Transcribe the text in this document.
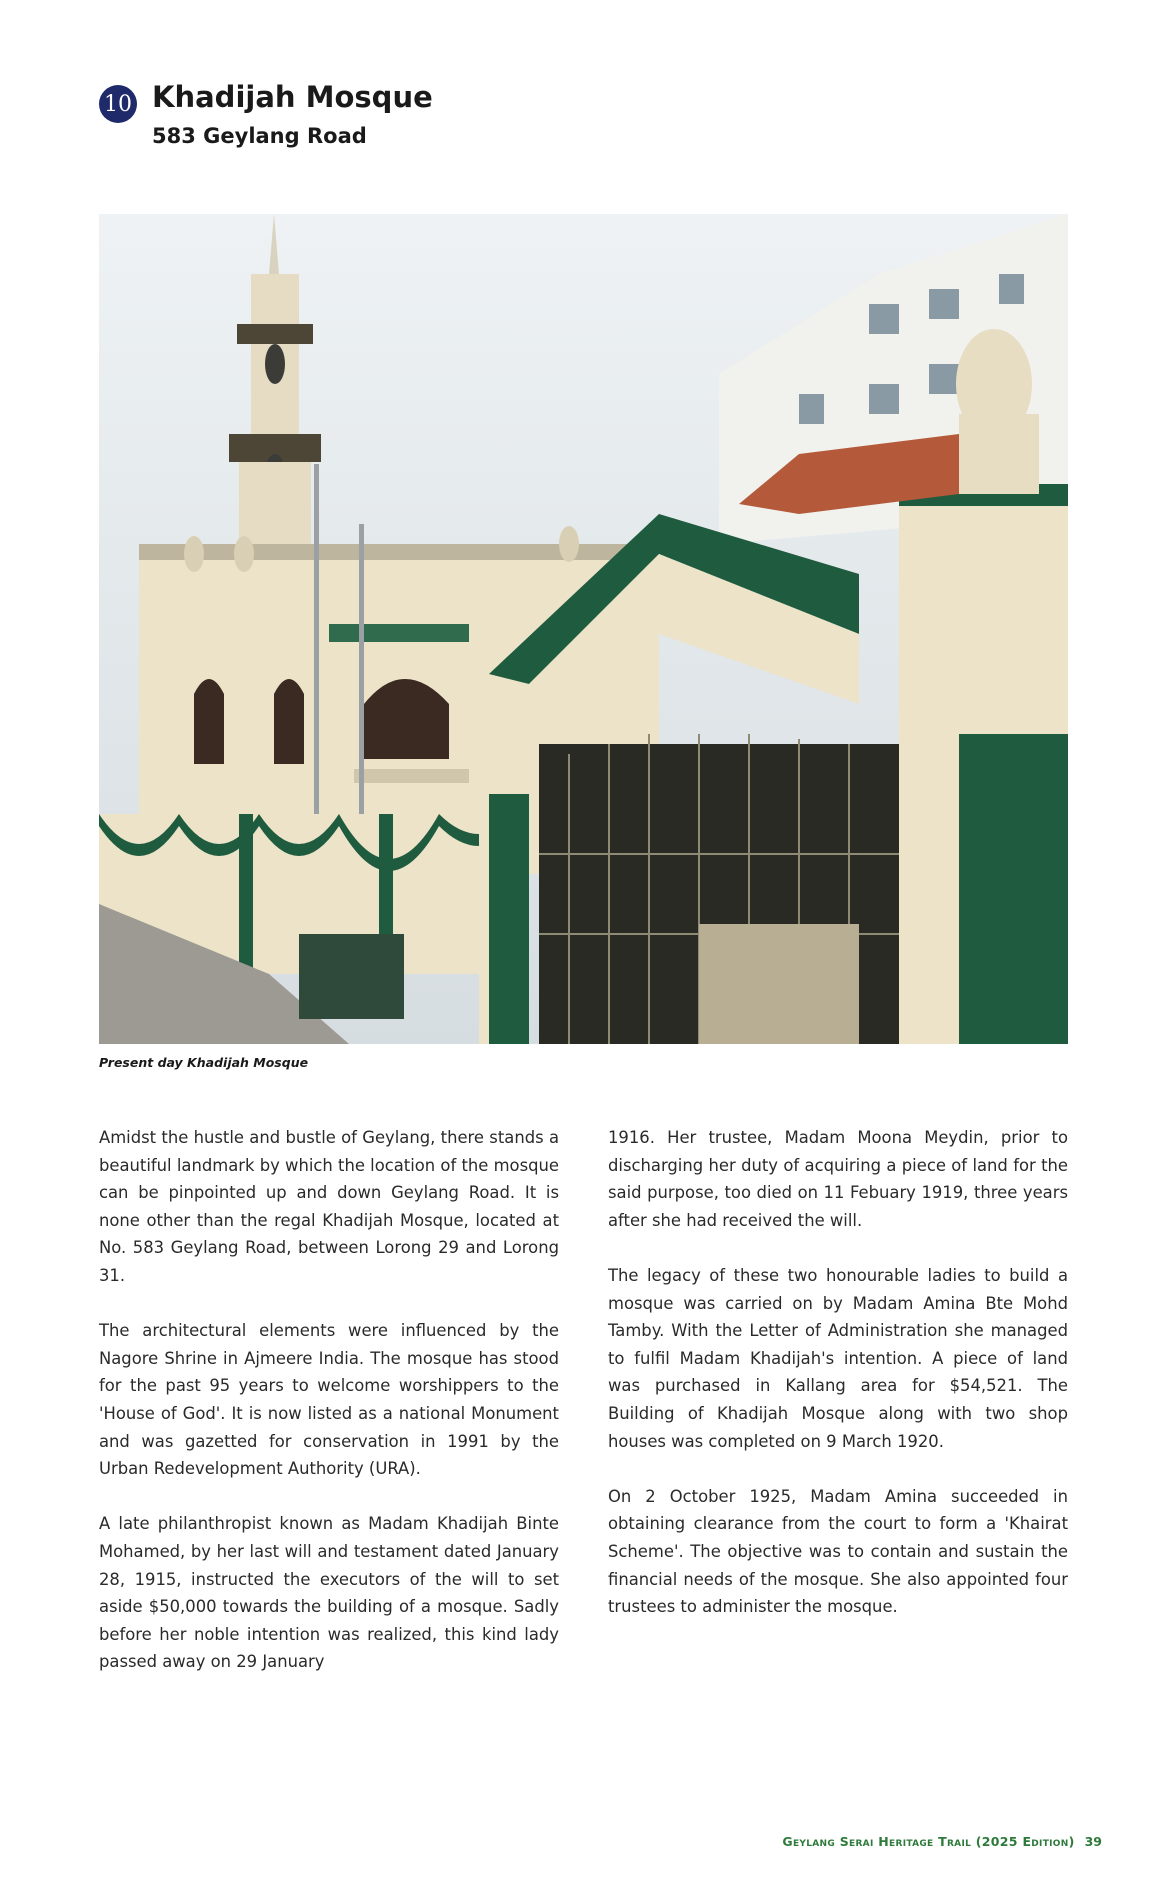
10 Khadijah Mosque
583 Geylang Road
Present day Khadijah Mosque

Amidst the hustle and bustle of Geylang, there stands a beautiful landmark by which the location of the mosque can be pinpointed up and down Geylang Road. It is none other than the regal Khadijah Mosque, located at No. 583 Geylang Road, between Lorong 29 and Lorong 31.

The architectural elements were influenced by the Nagore Shrine in Ajmeere India. The mosque has stood for the past 95 years to welcome worshippers to the 'House of God'. It is now listed as a national Monument and was gazetted for conservation in 1991 by the Urban Redevelopment Authority (URA).

A late philanthropist known as Madam Khadijah Binte Mohamed, by her last will and testament dated January 28, 1915, instructed the executors of the will to set aside $50,000 towards the building of a mosque. Sadly before her noble intention was realized, this kind lady passed away on 29 January

1916. Her trustee, Madam Moona Meydin, prior to discharging her duty of acquiring a piece of land for the said purpose, too died on 11 Febuary 1919, three years after she had received the will.

The legacy of these two honourable ladies to build a mosque was carried on by Madam Amina Bte Mohd Tamby. With the Letter of Administration she managed to fulfil Madam Khadijah's intention. A piece of land was purchased in Kallang area for $54,521. The Building of Khadijah Mosque along with two shop houses was completed on 9 March 1920.

On 2 October 1925, Madam Amina succeeded in obtaining clearance from the court to form a 'Khairat Scheme'. The objective was to contain and sustain the financial needs of the mosque. She also appointed four trustees to administer the mosque.

Geylang Serai Heritage Trail (2025 Edition) 39
